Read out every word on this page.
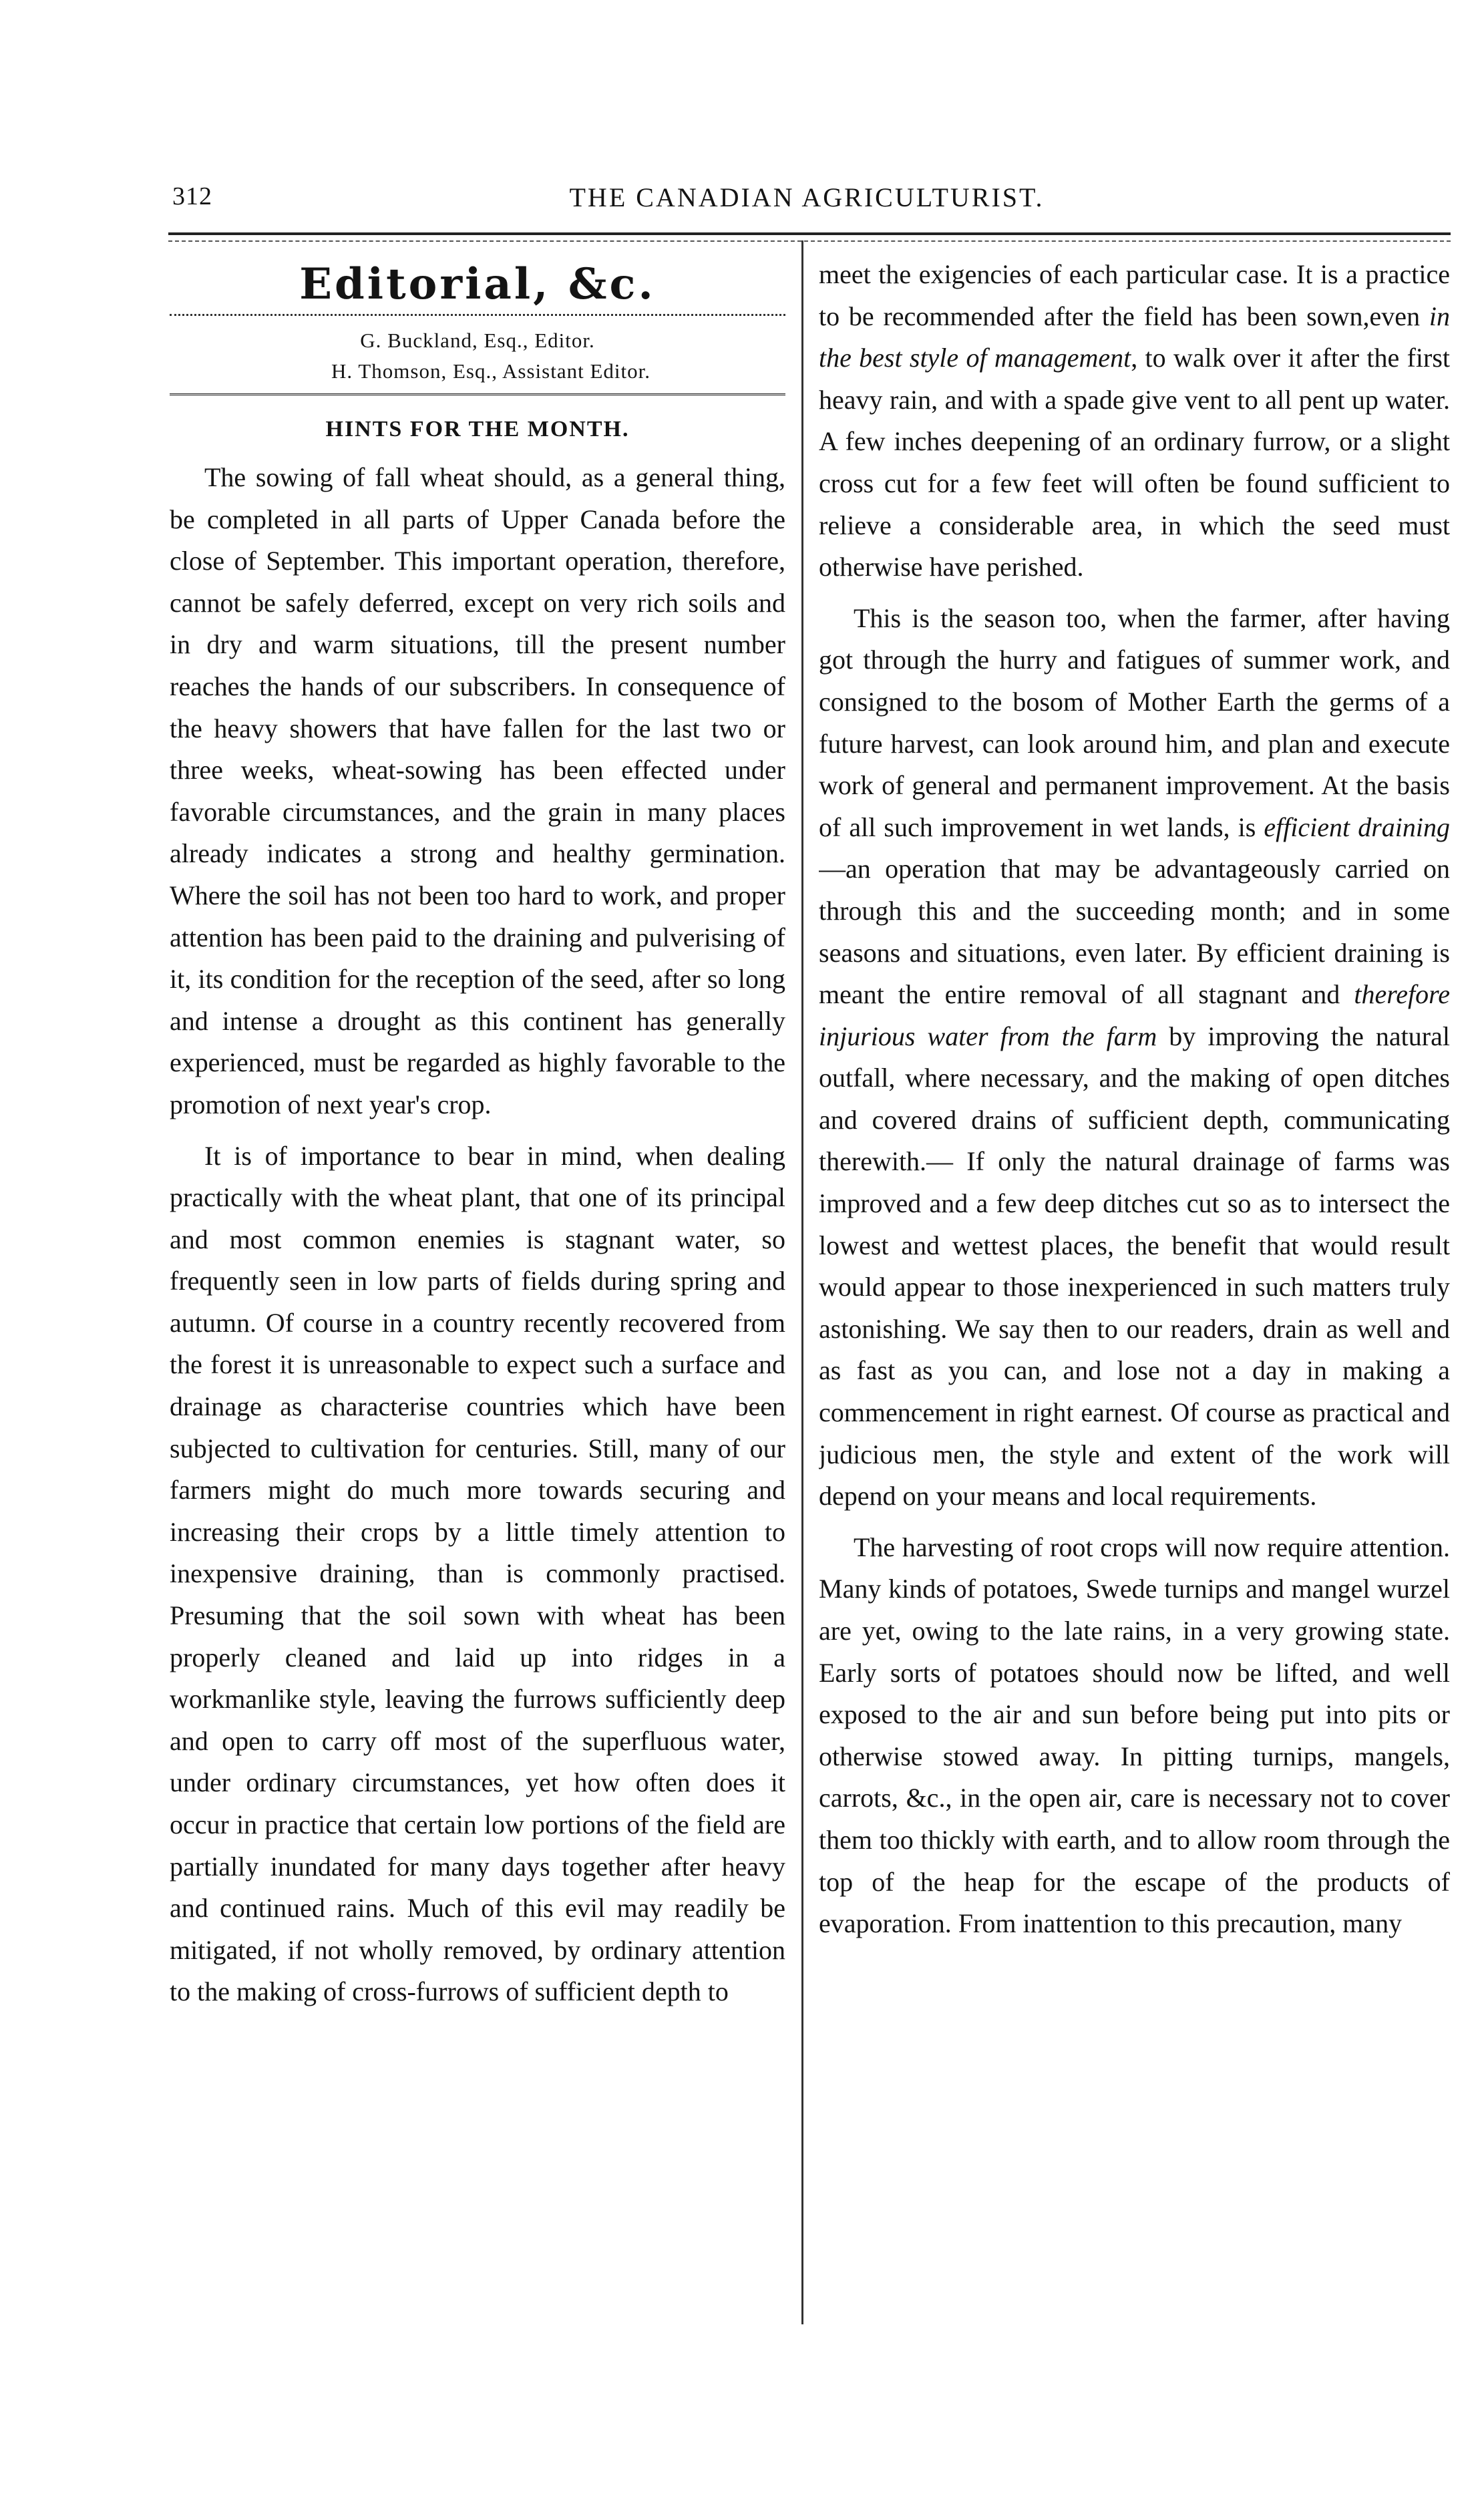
312	THE CANADIAN AGRICULTURIST.
Editorial, &c.
G. Buckland, Esq., Editor.
H. Thomson, Esq., Assistant Editor.
HINTS FOR THE MONTH.

The sowing of fall wheat should, as a general thing, be completed in all parts of Upper Canada before the close of September. This important operation, therefore, cannot be safely deferred, except on very rich soils and in dry and warm situations, till the present number reaches the hands of our subscribers. In consequence of the heavy showers that have fallen for the last two or three weeks, wheat-sowing has been effected under favorable circumstances, and the grain in many places already indicates a strong and healthy germination. Where the soil has not been too hard to work, and proper attention has been paid to the draining and pulverising of it, its condition for the reception of the seed, after so long and intense a drought as this continent has generally experienced, must be regarded as highly favorable to the promotion of next year's crop.

It is of importance to bear in mind, when dealing practically with the wheat plant, that one of its principal and most common enemies is stagnant water, so frequently seen in low parts of fields during spring and autumn. Of course in a country recently recovered from the forest it is unreasonable to expect such a surface and drainage as characterise countries which have been subjected to cultivation for centuries. Still, many of our farmers might do much more towards securing and increasing their crops by a little timely attention to inexpensive draining, than is commonly practised. Presuming that the soil sown with wheat has been properly cleaned and laid up into ridges in a workmanlike style, leaving the furrows sufficiently deep and open to carry off most of the superfluous water, under ordinary circumstances, yet how often does it occur in practice that certain low portions of the field are partially inundated for many days together after heavy and continued rains. Much of this evil may readily be mitigated, if not wholly removed, by ordinary attention to the making of cross-furrows of sufficient depth to

meet the exigencies of each particular case. It is a practice to be recommended after the field has been sown,even in the best style of management, to walk over it after the first heavy rain, and with a spade give vent to all pent up water. A few inches deepening of an ordinary furrow, or a slight cross cut for a few feet will often be found sufficient to relieve a considerable area, in which the seed must otherwise have perished.

This is the season too, when the farmer, after having got through the hurry and fatigues of summer work, and consigned to the bosom of Mother Earth the germs of a future harvest, can look around him, and plan and execute work of general and permanent improvement. At the basis of all such improvement in wet lands, is efficient draining—an operation that may be advantageously carried on through this and the succeeding month; and in some seasons and situations, even later. By efficient draining is meant the entire removal of all stagnant and therefore injurious water from the farm by improving the natural outfall, where necessary, and the making of open ditches and covered drains of sufficient depth, communicating therewith.— If only the natural drainage of farms was improved and a few deep ditches cut so as to intersect the lowest and wettest places, the benefit that would result would appear to those inexperienced in such matters truly astonishing. We say then to our readers, drain as well and as fast as you can, and lose not a day in making a commencement in right earnest. Of course as practical and judicious men, the style and extent of the work will depend on your means and local requirements.

The harvesting of root crops will now require attention. Many kinds of potatoes, Swede turnips and mangel wurzel are yet, owing to the late rains, in a very growing state. Early sorts of potatoes should now be lifted, and well exposed to the air and sun before being put into pits or otherwise stowed away. In pitting turnips, mangels, carrots, &c., in the open air, care is necessary not to cover them too thickly with earth, and to allow room through the top of the heap for the escape of the products of evaporation. From inattention to this precaution, many
